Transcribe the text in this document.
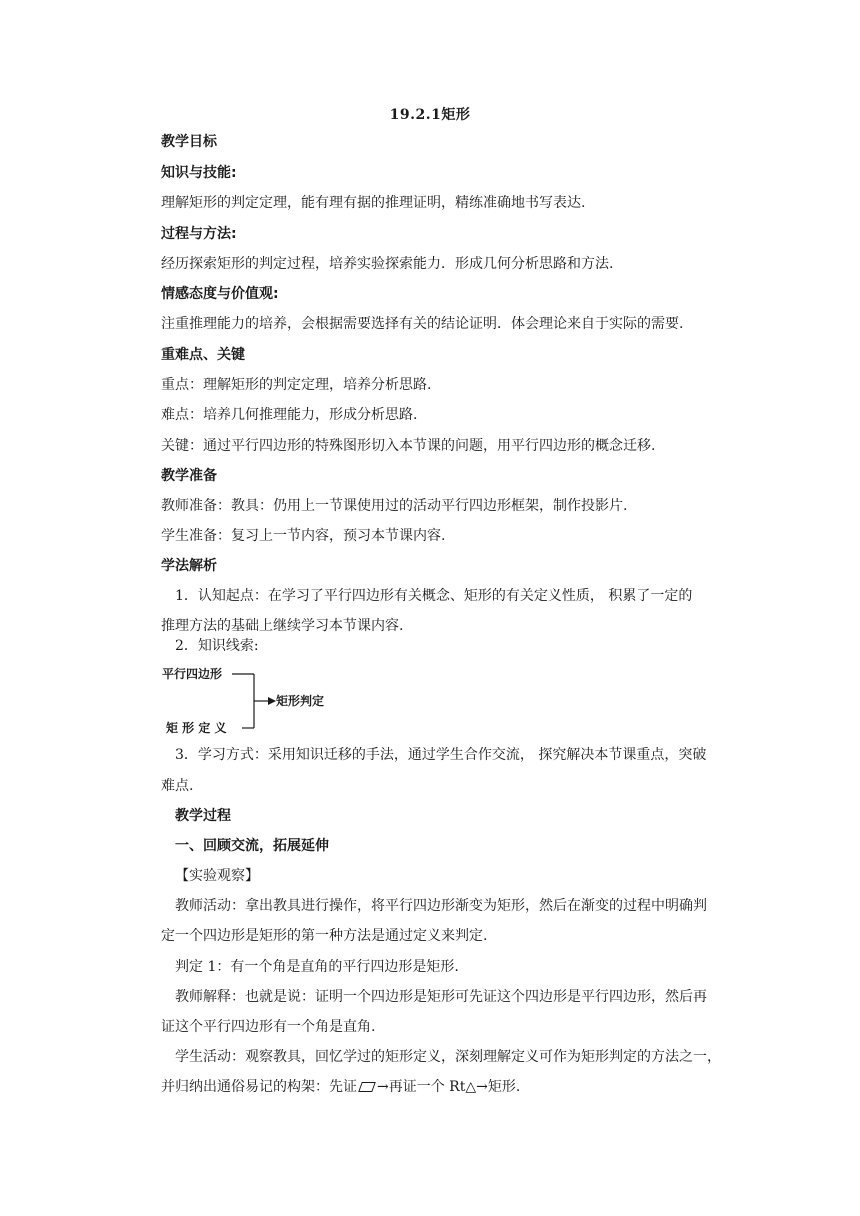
19.2.1矩形
教学目标
知识与技能:
理解矩形的判定定理，能有理有据的推理证明，精练准确地书写表达.
过程与方法:
经历探索矩形的判定过程，培养实验探索能力．形成几何分析思路和方法.
情感态度与价值观:
注重推理能力的培养，会根据需要选择有关的结论证明．体会理论来自于实际的需要.
重难点、关键
重点：理解矩形的判定定理，培养分析思路.
难点：培养几何推理能力，形成分析思路.
关键：通过平行四边形的特殊图形切入本节课的问题，用平行四边形的概念迁移.
教学准备
教师准备：教具：仍用上一节课使用过的活动平行四边形框架，制作投影片.
学生准备：复习上一节内容，预习本节课内容.
学法解析
1．认知起点：在学习了平行四边形有关概念、矩形的有关定义性质， 积累了一定的
推理方法的基础上继续学习本节课内容.
2．知识线索:
平行四边形
矩 形 定 义
矩形判定
3．学习方式：采用知识迁移的手法，通过学生合作交流， 探究解决本节课重点，突破
难点.
教学过程
一、回顾交流，拓展延伸
【实验观察】
教师活动：拿出教具进行操作，将平行四边形渐变为矩形，然后在渐变的过程中明确判
定一个四边形是矩形的第一种方法是通过定义来判定.
判定 1：有一个角是直角的平行四边形是矩形.
教师解释：也就是说：证明一个四边形是矩形可先证这个四边形是平行四边形，然后再
证这个平行四边形有一个角是直角.
学生活动：观察教具，回忆学过的矩形定义，深刻理解定义可作为矩形判定的方法之一，
并归纳出通俗易记的构架：先证 →再证一个 Rt△→矩形.
